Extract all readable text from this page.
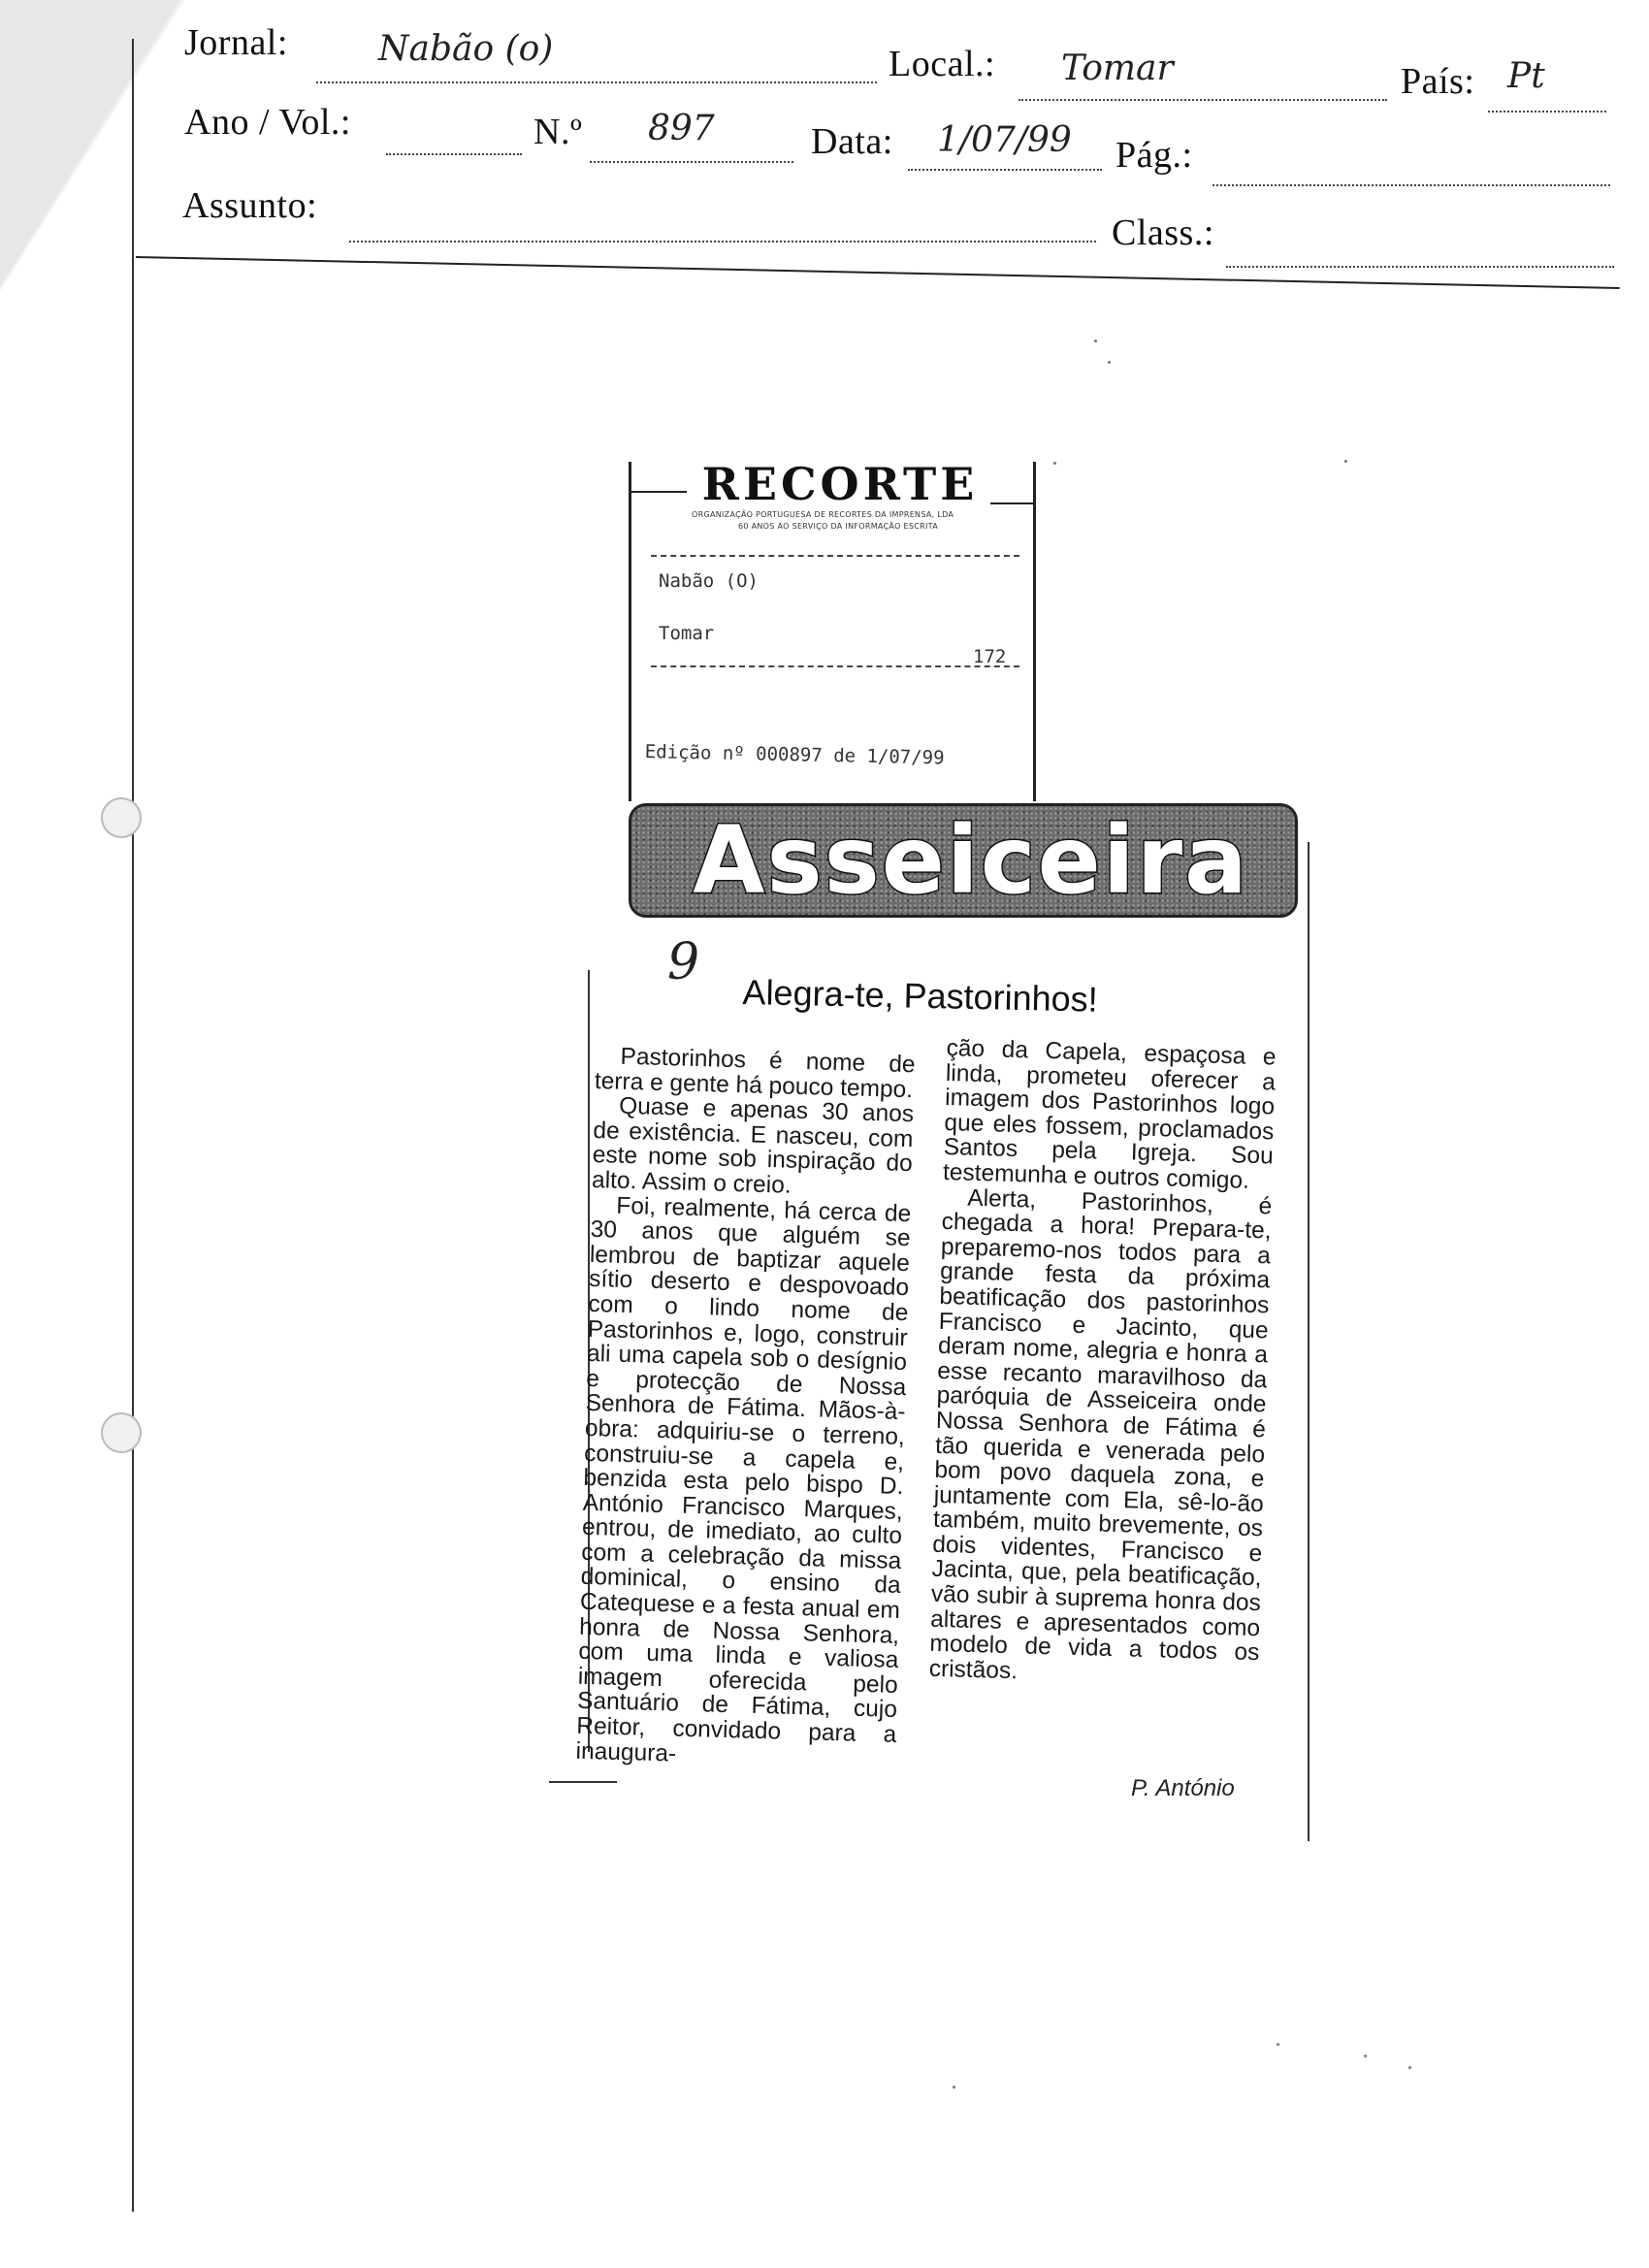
Jornal:	Nabão (o)	Local.: Tomar	País: Pt
Ano / Vol.:	N.º 897	Data: 1/07/99 Pág.:
Assunto:
Class.:
RECORTE
ORGANIZAÇÃO PORTUGUESA DE RECORTES DA IMPRENSA, LDA
60 ANOS AO SERVIÇO DA INFORMAÇÃO ESCRITA
Nabão (O)
Tomar
172
Edição nº 000897 de 1/07/99
Asseiceira
9
Alegra-te, Pastorinhos!

Pastorinhos é nome de terra e gente há pouco tempo.

Quase e apenas 30 anos de existência. E nasceu, com este nome sob inspiração do alto. Assim o creio.

Foi, realmente, há cerca de 30 anos que alguém se lembrou de baptizar aquele sítio deserto e despovoado com o lindo nome de Pastorinhos e, logo, construir ali uma capela sob o desígnio e protecção de Nossa Senhora de Fátima. Mãos-à-obra: adquiriu-se o terreno, construiu-se a capela e, benzida esta pelo bispo D. António Francisco Marques, entrou, de imediato, ao culto com a celebração da missa dominical, o ensino da Catequese e a festa anual em honra de Nossa Senhora, com uma linda e valiosa imagem oferecida pelo Santuário de Fátima, cujo Reitor, convidado para a inaugura-

ção da Capela, espaçosa e linda, prometeu oferecer a imagem dos Pastorinhos logo que eles fossem, proclamados Santos pela Igreja. Sou testemunha e outros comigo.

Alerta, Pastorinhos, é chegada a hora! Prepara-te, preparemo-nos todos para a grande festa da próxima beatificação dos pastorinhos Francisco e Jacinto, que deram nome, alegria e honra a esse recanto maravilhoso da paróquia de Asseiceira onde Nossa Senhora de Fátima é tão querida e venerada pelo bom povo daquela zona, e juntamente com Ela, sê-lo-ão também, muito brevemente, os dois videntes, Francisco e Jacinta, que, pela beatificação, vão subir à suprema honra dos altares e apresentados como modelo de vida a todos os cristãos.

P. António
